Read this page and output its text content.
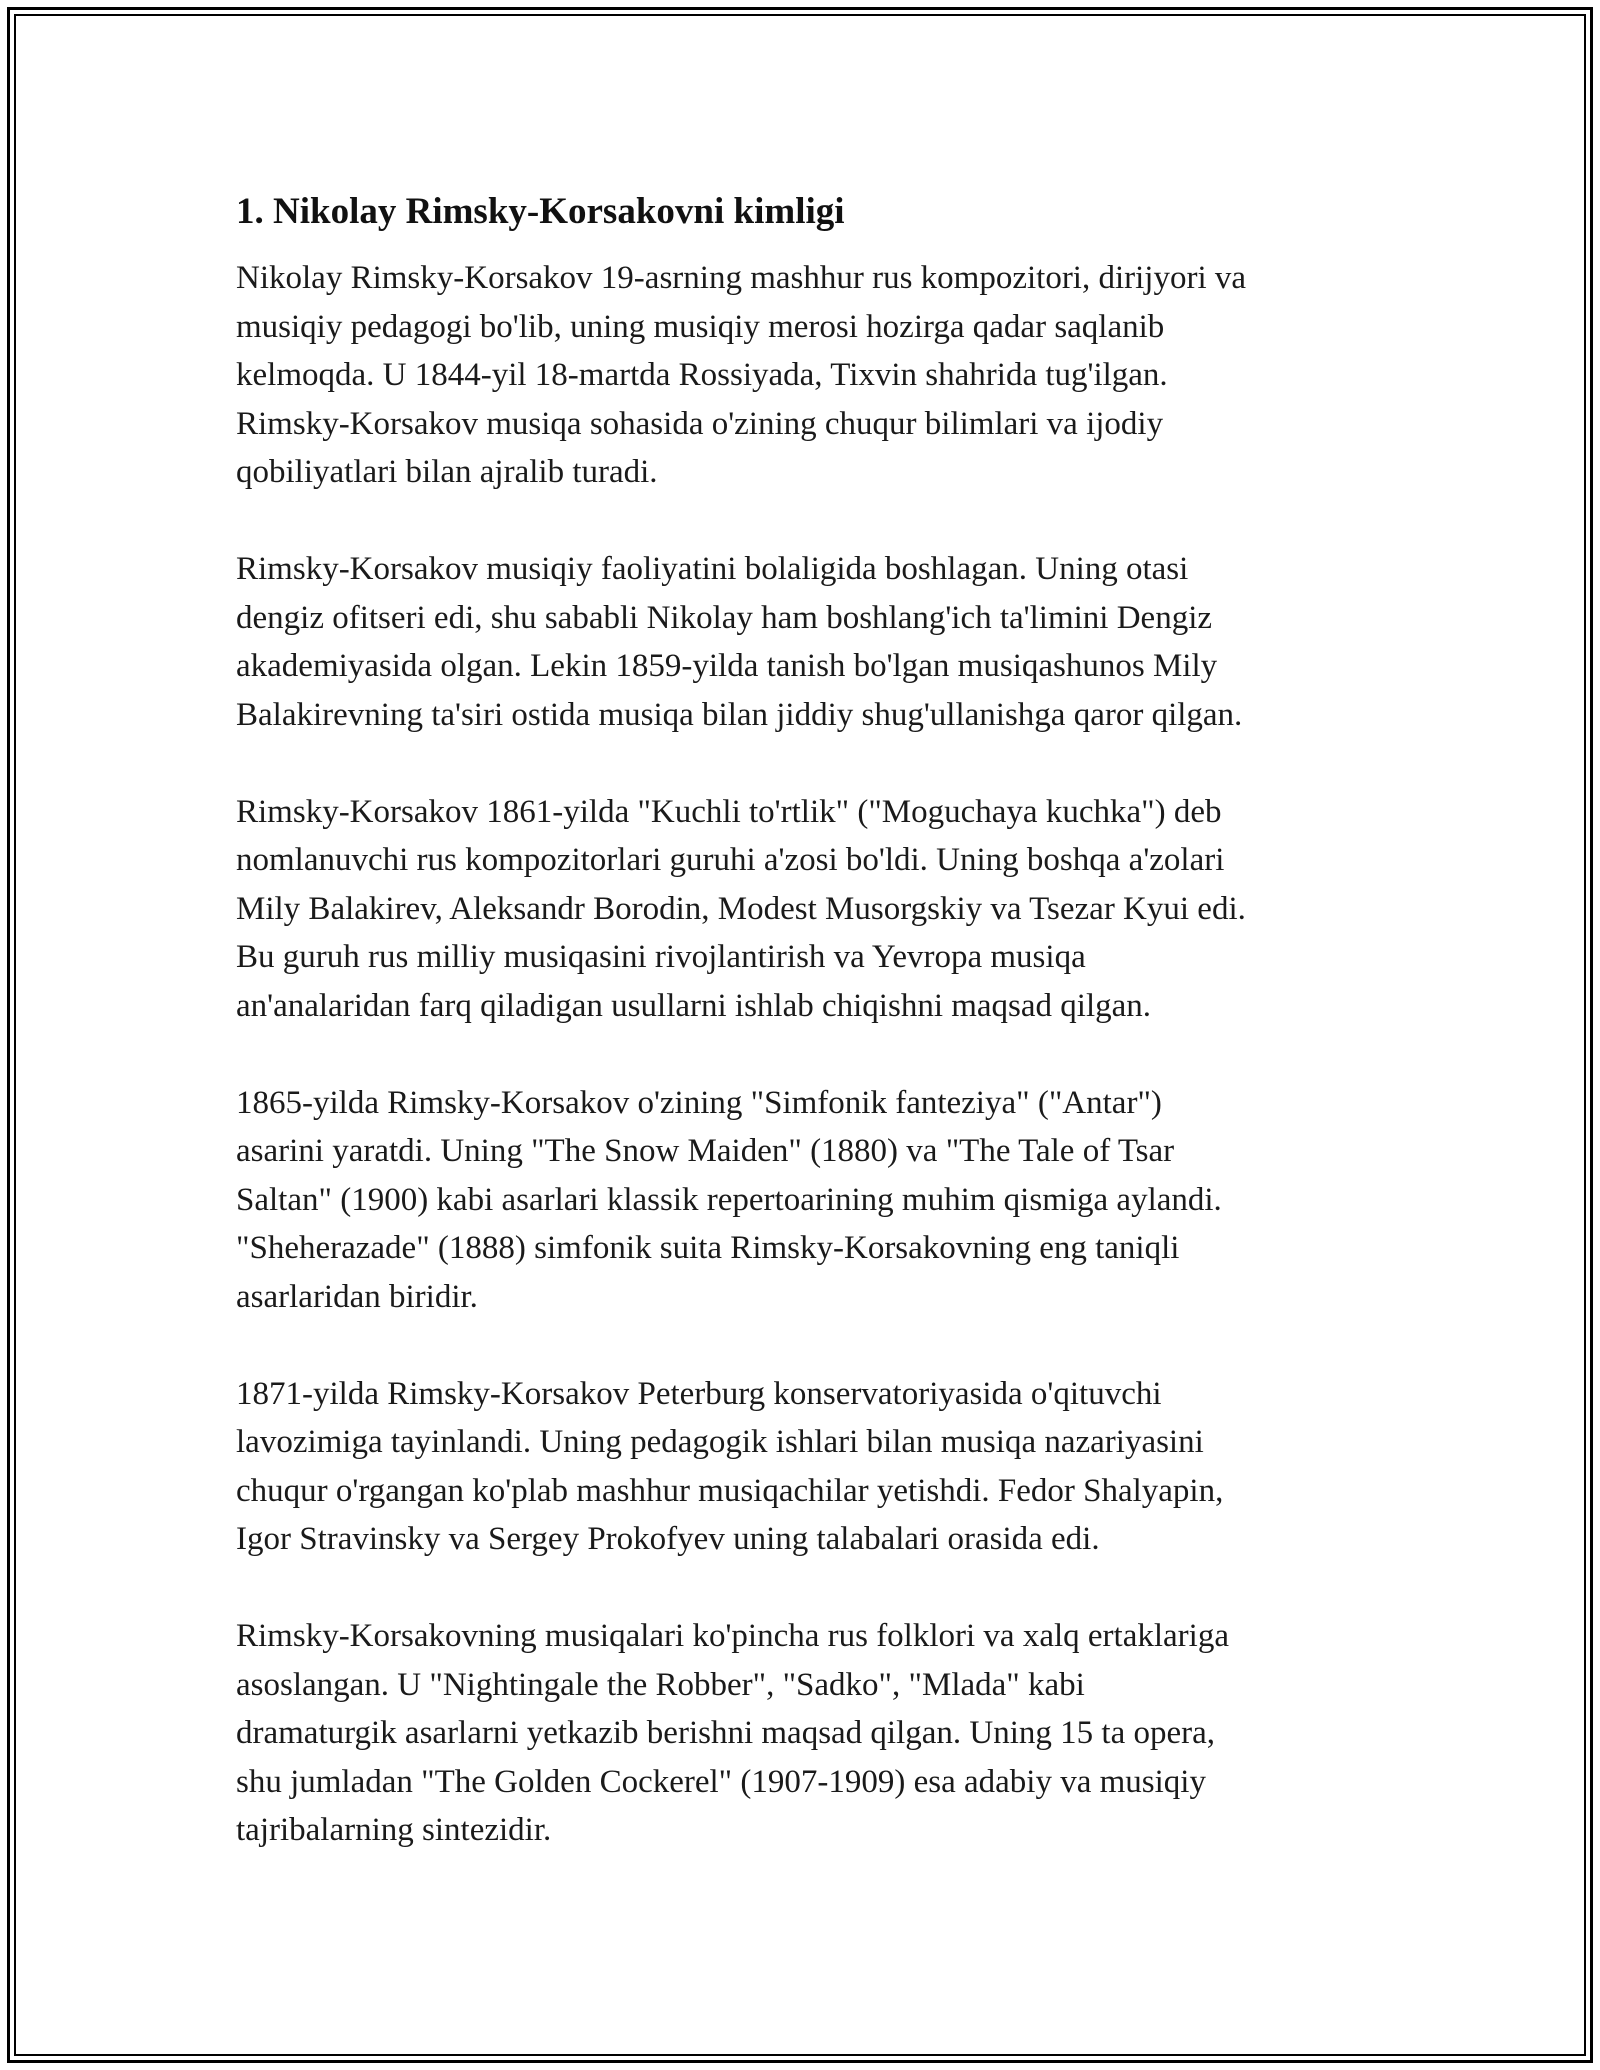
1. Nikolay Rimsky-Korsakovni kimligi

Nikolay Rimsky-Korsakov 19-asrning mashhur rus kompozitori, dirijyori va
musiqiy pedagogi bo'lib, uning musiqiy merosi hozirga qadar saqlanib
kelmoqda. U 1844-yil 18-martda Rossiyada, Tixvin shahrida tug'ilgan.
Rimsky-Korsakov musiqa sohasida o'zining chuqur bilimlari va ijodiy
qobiliyatlari bilan ajralib turadi.

Rimsky-Korsakov musiqiy faoliyatini bolaligida boshlagan. Uning otasi
dengiz ofitseri edi, shu sababli Nikolay ham boshlang'ich ta'limini Dengiz
akademiyasida olgan. Lekin 1859-yilda tanish bo'lgan musiqashunos Mily
Balakirevning ta'siri ostida musiqa bilan jiddiy shug'ullanishga qaror qilgan.

Rimsky-Korsakov 1861-yilda "Kuchli to'rtlik" ("Moguchaya kuchka") deb
nomlanuvchi rus kompozitorlari guruhi a'zosi bo'ldi. Uning boshqa a'zolari
Mily Balakirev, Aleksandr Borodin, Modest Musorgskiy va Tsezar Kyui edi.
Bu guruh rus milliy musiqasini rivojlantirish va Yevropa musiqa
an'analaridan farq qiladigan usullarni ishlab chiqishni maqsad qilgan.

1865-yilda Rimsky-Korsakov o'zining "Simfonik fanteziya" ("Antar")
asarini yaratdi. Uning "The Snow Maiden" (1880) va "The Tale of Tsar
Saltan" (1900) kabi asarlari klassik repertoarining muhim qismiga aylandi.
"Sheherazade" (1888) simfonik suita Rimsky-Korsakovning eng taniqli
asarlaridan biridir.

1871-yilda Rimsky-Korsakov Peterburg konservatoriyasida o'qituvchi
lavozimiga tayinlandi. Uning pedagogik ishlari bilan musiqa nazariyasini
chuqur o'rgangan ko'plab mashhur musiqachilar yetishdi. Fedor Shalyapin,
Igor Stravinsky va Sergey Prokofyev uning talabalari orasida edi.

Rimsky-Korsakovning musiqalari ko'pincha rus folklori va xalq ertaklariga
asoslangan. U "Nightingale the Robber", "Sadko", "Mlada" kabi
dramaturgik asarlarni yetkazib berishni maqsad qilgan. Uning 15 ta opera,
shu jumladan "The Golden Cockerel" (1907-1909) esa adabiy va musiqiy
tajribalarning sintezidir.
